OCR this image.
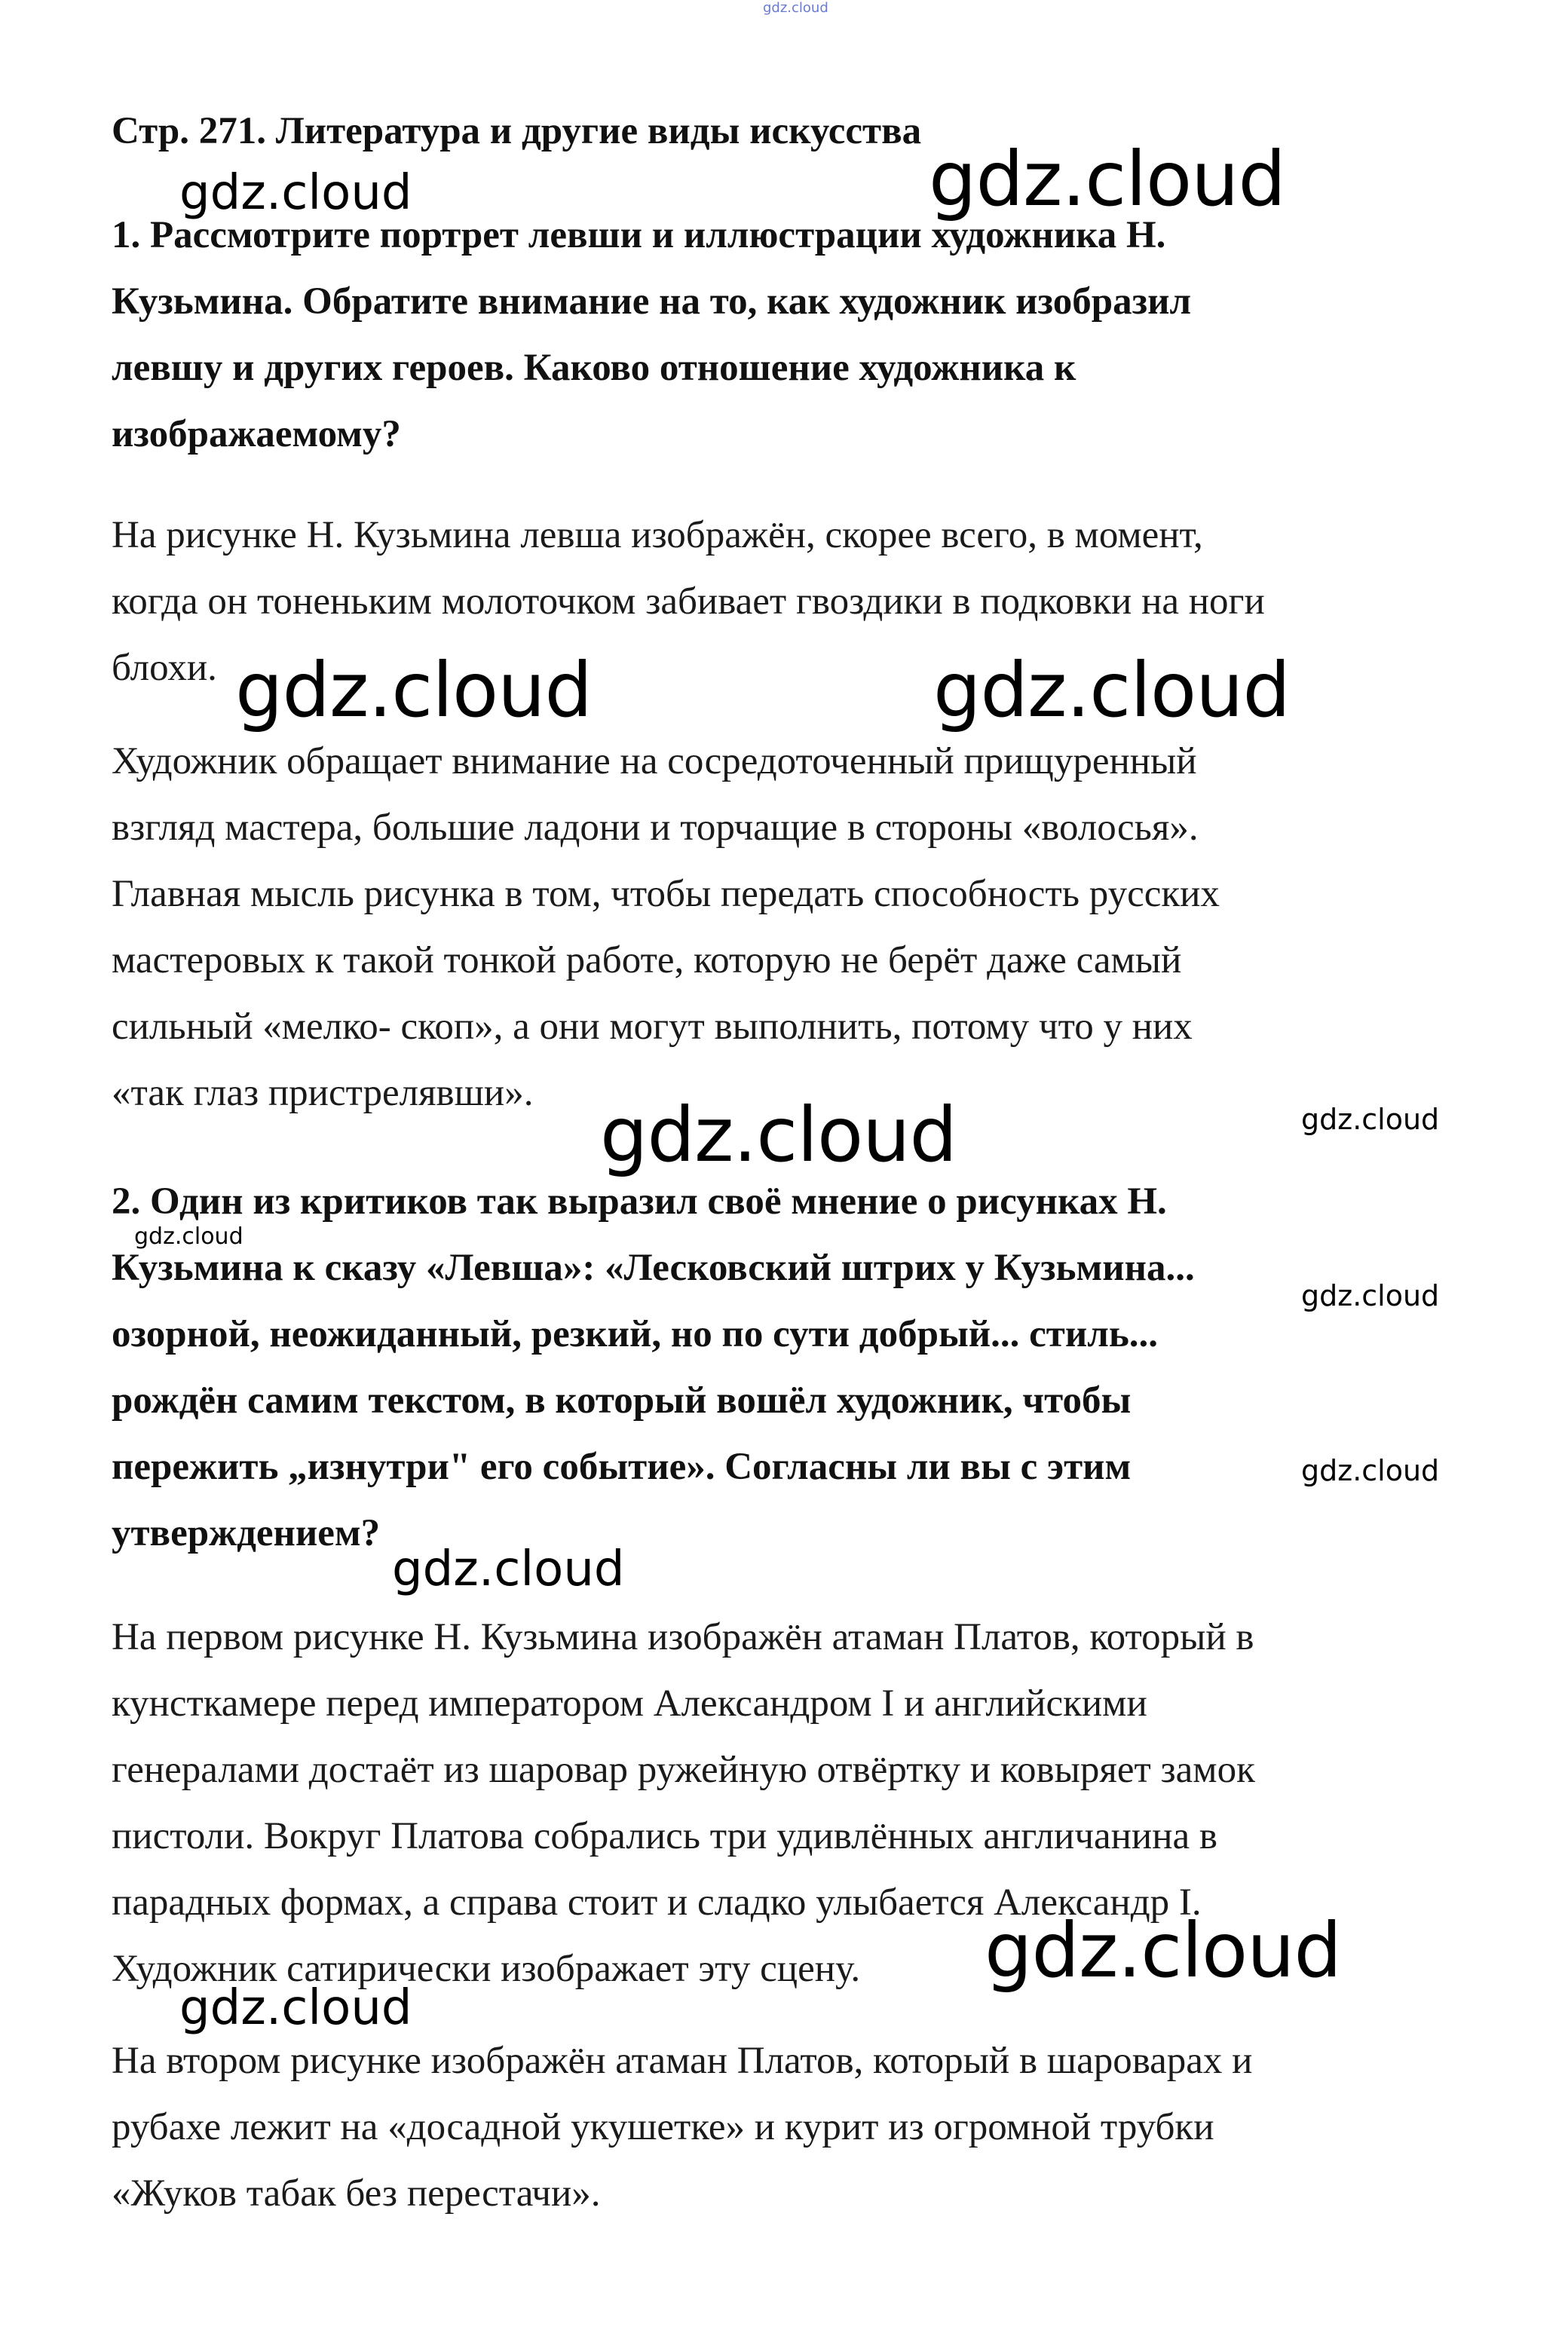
gdz.cloud

Стр. 271. Литература и другие виды искусства

1. Рассмотрите портрет левши и иллюстрации художника Н.
Кузьмина. Обратите внимание на то, как художник изобразил
левшу и других героев. Каково отношение художника к
изображаемому?

На рисунке Н. Кузьмина левша изображён, скорее всего, в момент,
когда он тоненьким молоточком забивает гвоздики в подковки на ноги
блохи.

Художник обращает внимание на сосредоточенный прищуренный
взгляд мастера, большие ладони и торчащие в стороны «волосья».
Главная мысль рисунка в том, чтобы передать способность русских
мастеровых к такой тонкой работе, которую не берёт даже самый
сильный «мелко- скоп», а они могут выполнить, потому что у них
«так глаз пристрелявши».

2. Один из критиков так выразил своё мнение о рисунках Н.
Кузьмина к сказу «Левша»: «Лесковский штрих у Кузьмина...
озорной, неожиданный, резкий, но по сути добрый... стиль...
рождён самим текстом, в который вошёл художник, чтобы
пережить „изнутри" его событие». Согласны ли вы с этим
утверждением?

На первом рисунке Н. Кузьмина изображён атаман Платов, который в
кунсткамере перед императором Александром I и английскими
генералами достаёт из шаровар ружейную отвёртку и ковыряет замок
пистоли. Вокруг Платова собрались три удивлённых англичанина в
парадных формах, а справа стоит и сладко улыбается Александр I.
Художник сатирически изображает эту сцену.

На втором рисунке изображён атаман Платов, который в шароварах и
рубахе лежит на «досадной укушетке» и курит из огромной трубки
«Жуков табак без перестачи».

gdz.cloud	gdz.cloud
gdz.cloud	gdz.cloud
gdz.cloud	gdz.cloud
gdz.cloud
gdz.cloud
gdz.cloud
gdz.cloud
gdz.cloud
gdz.cloud
